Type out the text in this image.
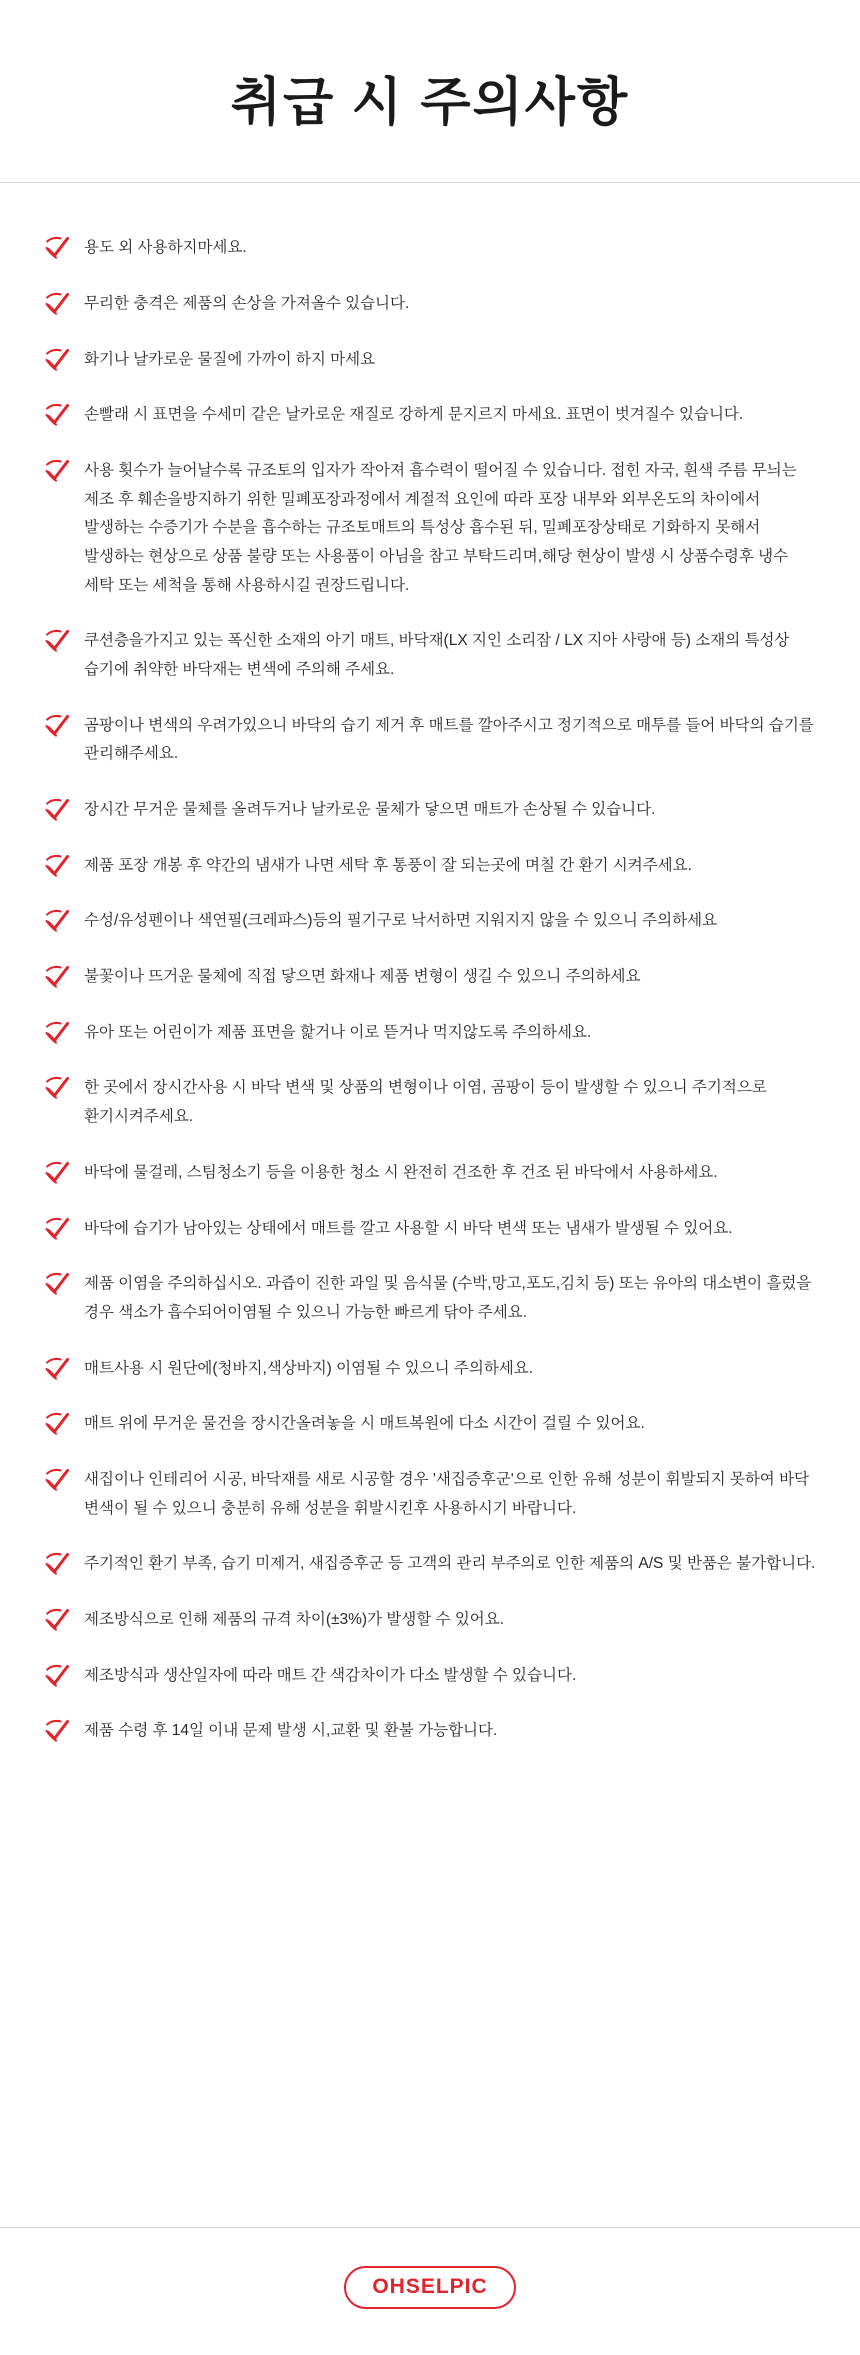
취급 시 주의사항
용도 외 사용하지마세요.
무리한 충격은 제품의 손상을 가져올수 있습니다.
화기나 날카로운 물질에 가까이 하지 마세요
손빨래 시 표면을 수세미 같은 날카로운 재질로 강하게 문지르지 마세요. 표면이 벗겨질수 있습니다.
사용 횟수가 늘어날수록 규조토의 입자가 작아져 흡수력이 떨어질 수 있습니다. 접힌 자국, 흰색 주름 무늬는 제조 후 훼손을방지하기 위한 밀폐포장과정에서 계절적 요인에 따라 포장 내부와 외부온도의 차이에서 발생하는 수증기가 수분을 흡수하는 규조토매트의 특성상 흡수된 뒤, 밀폐포장상태로 기화하지 못해서 발생하는 현상으로 상품 불량 또는 사용품이 아님을 참고 부탁드리며,해당 현상이 발생 시 상품수령후 냉수 세탁 또는 세척을 통해 사용하시길 권장드립니다.
쿠션층을가지고 있는 폭신한 소재의 아기 매트, 바닥재(LX 지인 소리잠 / LX 지아 사랑애 등) 소재의 특성상 습기에 취약한 바닥재는 변색에 주의해 주세요.
곰팡이나 변색의 우려가있으니 바닥의 습기 제거 후 매트를 깔아주시고 정기적으로 매투를 들어 바닥의 습기를 관리해주세요.
장시간 무거운 물체를 올려두거나 날카로운 물체가 닿으면 매트가 손상될 수 있습니다.
제품 포장 개봉 후 약간의 냄새가 나면 세탁 후 통풍이 잘 되는곳에 며칠 간 환기 시켜주세요.
수성/유성펜이나 색연필(크레파스)등의 필기구로 낙서하면 지워지지 않을 수 있으니 주의하세요
불꽃이나 뜨거운 물체에 직접 닿으면 화재나 제품 변형이 생길 수 있으니 주의하세요
유아 또는 어린이가 제품 표면을 핥거나 이로 뜯거나 먹지않도록 주의하세요.
한 곳에서 장시간사용 시 바닥 변색 및 상품의 변형이나 이염, 곰팡이 등이 발생할 수 있으니 주기적으로 환기시켜주세요.
바닥에 물걸레, 스팀청소기 등을 이용한 청소 시 완전히 건조한 후 건조 된 바닥에서 사용하세요.
바닥에 습기가 남아있는 상태에서 매트를 깔고 사용할 시 바닥 변색 또는 냄새가 발생될 수 있어요.
제품 이염을 주의하십시오. 과즙이 진한 과일 및 음식물 (수박,망고,포도,김치 등) 또는 유아의 대소변이 흘렀을 경우 색소가 흡수되어이염될 수 있으니 가능한 빠르게 닦아 주세요.
매트사용 시 원단에(청바지,색상바지) 이염될 수 있으니 주의하세요.
매트 위에 무거운 물건을 장시간올려놓을 시 매트복원에 다소 시간이 걸릴 수 있어요.
새집이나 인테리어 시공, 바닥재를 새로 시공할 경우 '새집증후군'으로 인한 유해 성분이 휘발되지 못하여 바닥 변색이 될 수 있으니 충분히 유해 성분을 휘발시킨후 사용하시기 바랍니다.
주기적인 환기 부족, 습기 미제거, 새집증후군 등 고객의 관리 부주의로 인한 제품의 A/S 및 반품은 불가합니다.
제조방식으로 인해 제품의 규격 차이(±3%)가 발생할 수 있어요.
제조방식과 생산일자에 따라 매트 간 색감차이가 다소 발생할 수 있습니다.
제품 수령 후 14일 이내 문제 발생 시,교환 및 환불 가능합니다.
OHSELPIC
